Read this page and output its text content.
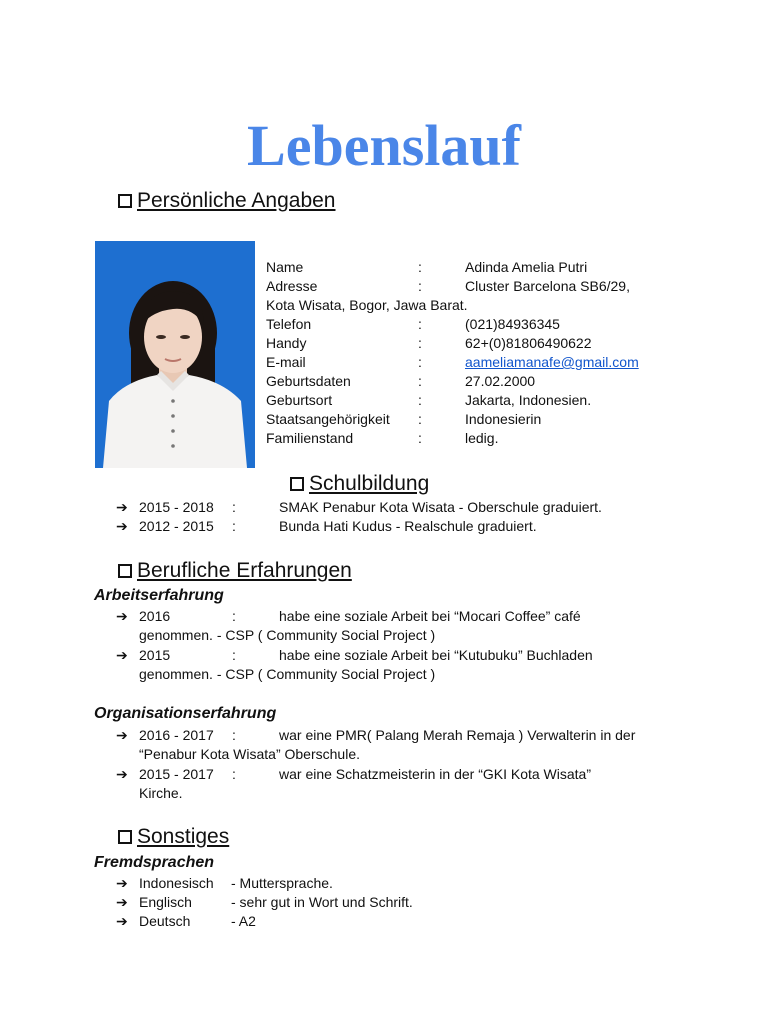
Lebenslauf
Persönliche Angaben
Name	:	Adinda Amelia Putri
Adresse	:	Cluster Barcelona SB6/29,
Kota Wisata, Bogor, Jawa Barat.
Telefon	:	(021)84936345
Handy	:	62+(0)81806490622
E-mail	:	aameliamanafe@gmail.com
Geburtsdaten	:	27.02.2000
Geburtsort	:	Jakarta, Indonesien.
Staatsangehörigkeit :	Indonesierin
Familienstand	:	ledig.
Schulbildung
➔ 2015 - 2018 :	SMAK Penabur Kota Wisata - Oberschule graduiert.
➔ 2012 - 2015 :	Bunda Hati Kudus - Realschule graduiert.
Berufliche Erfahrungen
Arbeitserfahrung
➔ 2016	:	habe eine soziale Arbeit bei “Mocari Coffee” café
genommen. - CSP ( Community Social Project )
➔ 2015	:	habe eine soziale Arbeit bei “Kutubuku” Buchladen
genommen. - CSP ( Community Social Project )
Organisationserfahrung
➔ 2016 - 2017 :	war eine PMR( Palang Merah Remaja ) Verwalterin in der
“Penabur Kota Wisata” Oberschule.
➔ 2015 - 2017 :	war eine Schatzmeisterin in der “GKI Kota Wisata”
Kirche.
Sonstiges
Fremdsprachen
➔ Indonesisch - Muttersprache.
➔ Englisch	- sehr gut in Wort und Schrift.
➔ Deutsch	- A2
